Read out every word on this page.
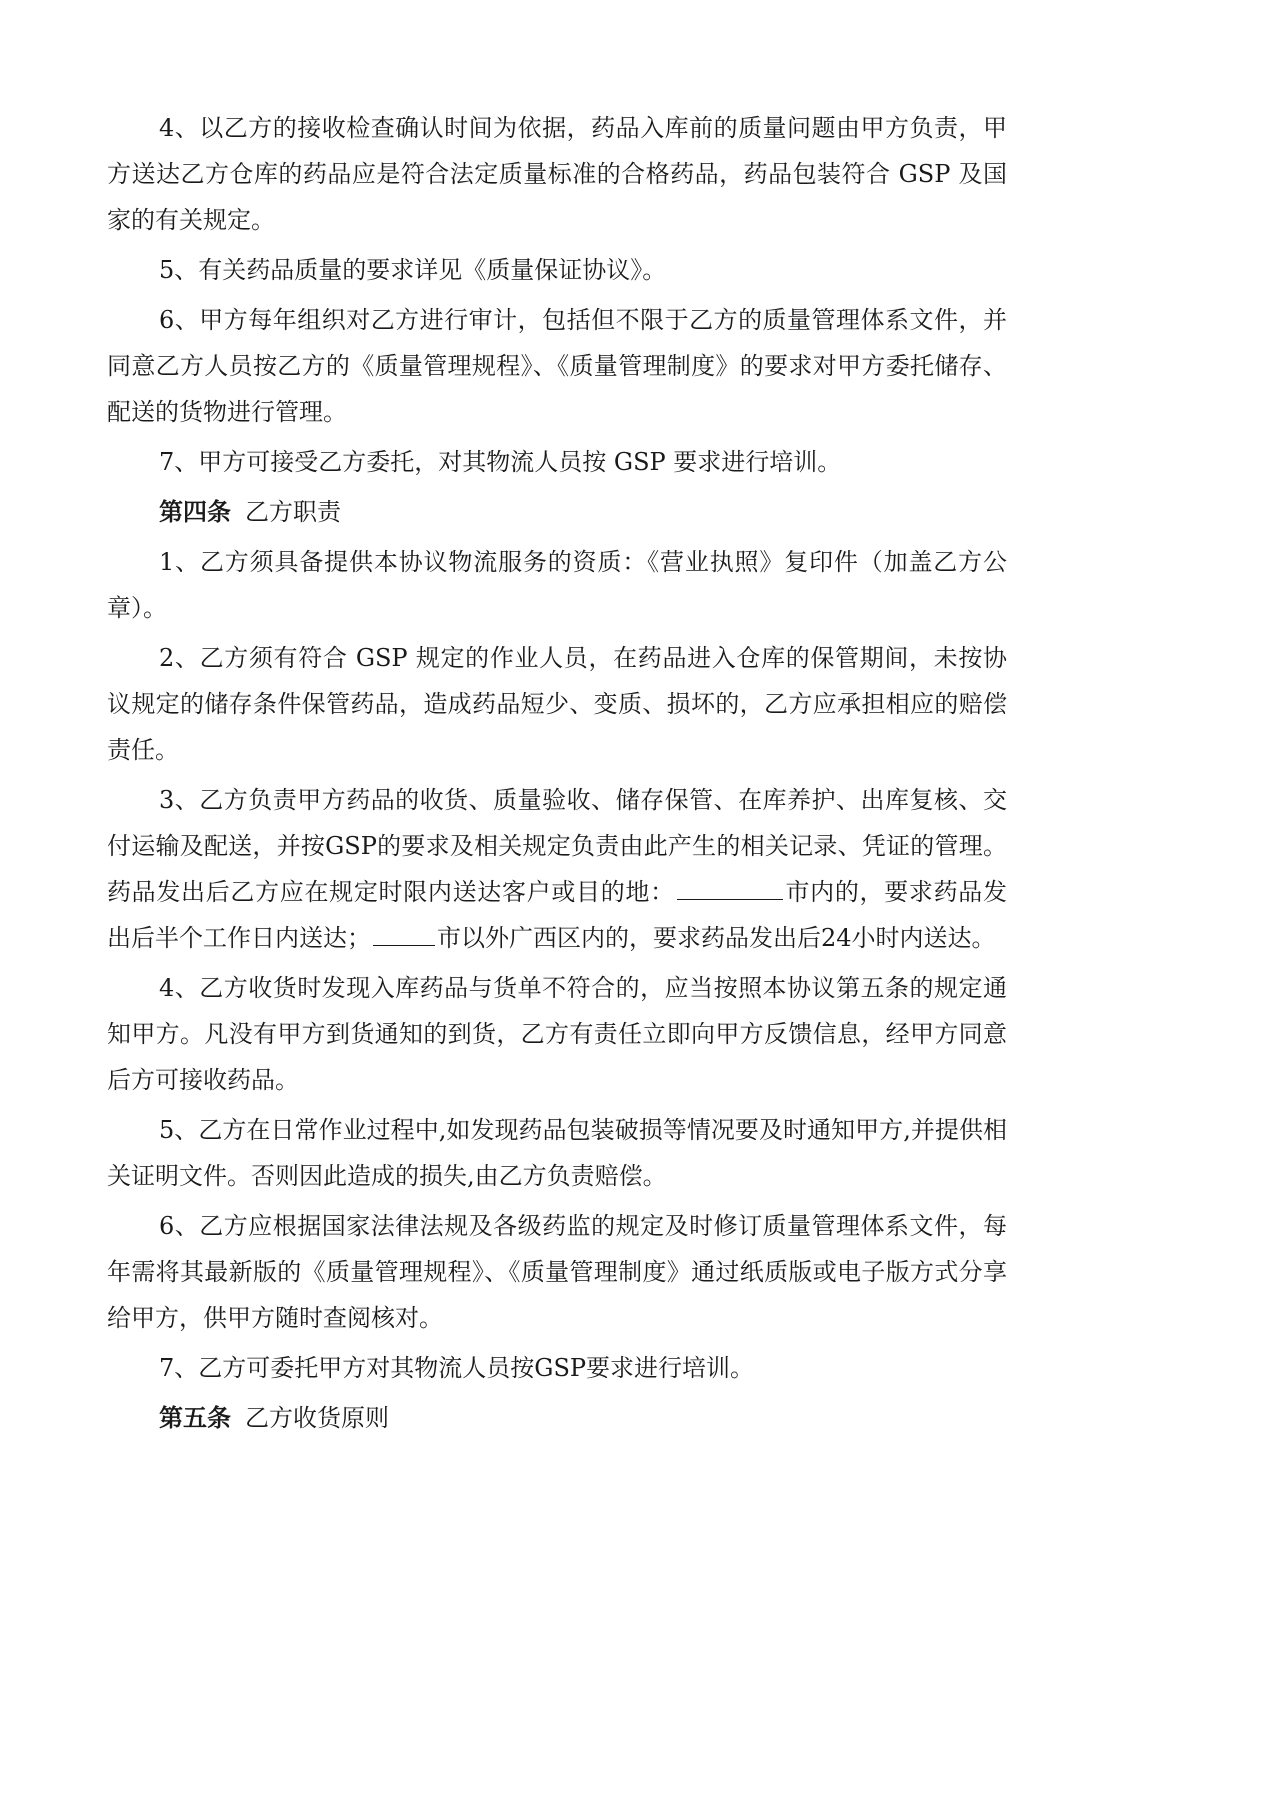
4、以乙方的接收检查确认时间为依据，药品入库前的质量问题由甲方负责，甲方送达乙方仓库的药品应是符合法定质量标准的合格药品，药品包装符合 GSP 及国家的有关规定。

5、有关药品质量的要求详见《质量保证协议》。

6、甲方每年组织对乙方进行审计，包括但不限于乙方的质量管理体系文件，并同意乙方人员按乙方的《质量管理规程》、《质量管理制度》的要求对甲方委托储存、配送的货物进行管理。

7、甲方可接受乙方委托，对其物流人员按 GSP 要求进行培训。

第四条 乙方职责

1、乙方须具备提供本协议物流服务的资质：《营业执照》复印件（加盖乙方公章）。

2、乙方须有符合 GSP 规定的作业人员，在药品进入仓库的保管期间，未按协议规定的储存条件保管药品，造成药品短少、变质、损坏的，乙方应承担相应的赔偿责任。

3、乙方负责甲方药品的收货、质量验收、储存保管、在库养护、出库复核、交付运输及配送，并按GSP的要求及相关规定负责由此产生的相关记录、凭证的管理。药品发出后乙方应在规定时限内送达客户或目的地：	市内的，要求药品发出后半个工作日内送达；	市以外广西区内的，要求药品发出后24小时内送达。

4、乙方收货时发现入库药品与货单不符合的，应当按照本协议第五条的规定通知甲方。凡没有甲方到货通知的到货，乙方有责任立即向甲方反馈信息，经甲方同意后方可接收药品。

5、乙方在日常作业过程中,如发现药品包装破损等情况要及时通知甲方,并提供相关证明文件。否则因此造成的损失,由乙方负责赔偿。

6、乙方应根据国家法律法规及各级药监的规定及时修订质量管理体系文件，每年需将其最新版的《质量管理规程》、《质量管理制度》通过纸质版或电子版方式分享给甲方，供甲方随时查阅核对。

7、乙方可委托甲方对其物流人员按GSP要求进行培训。

第五条 乙方收货原则
